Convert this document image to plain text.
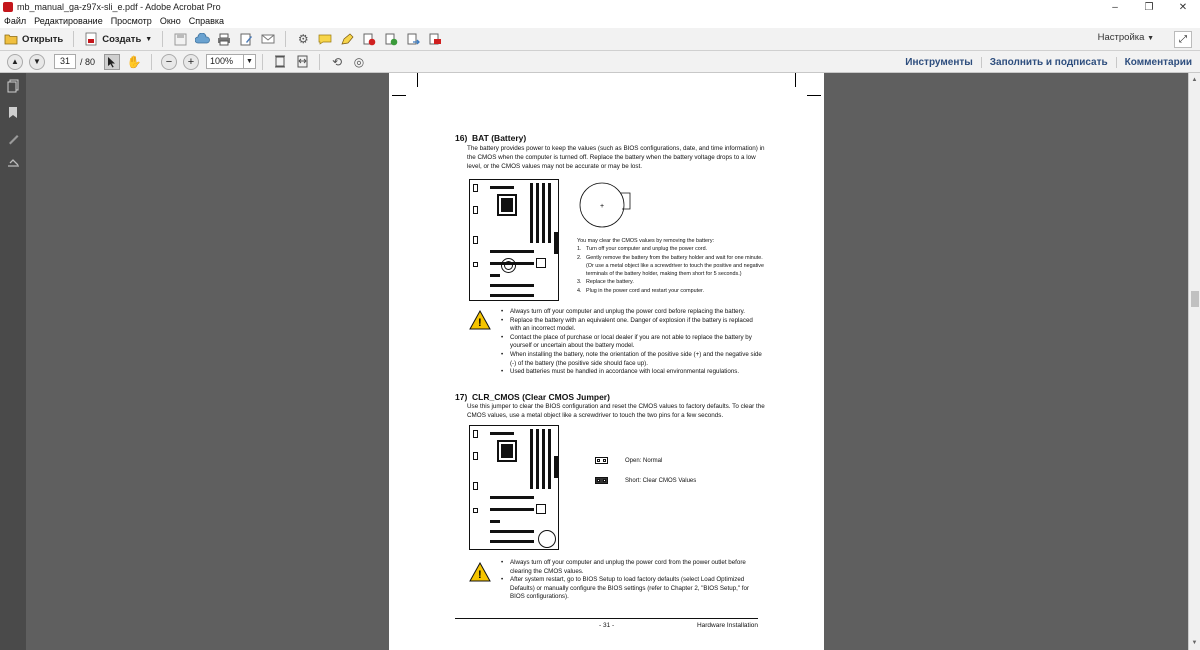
mb_manual_ga-z97x-sli_e.pdf - Adobe Acrobat Pro	–	❐	✕
Файл Редактирование Просмотр Окно Справка
Открыть	Создать ▼	⚙	Настройка ▼	⤢
▲	▼	31	/ 80	✋	−	+	100%	▼	⟲ ◎	Инструменты	Заполнить и подписать	Комментарии
16) BAT (Battery)
The battery provides power to keep the values (such as BIOS configurations, date, and time information) in the CMOS when the computer is turned off. Replace the battery when the battery voltage drops to a low level, or the CMOS values may not be accurate or may be lost.
+
You may clear the CMOS values by removing the battery:
1. Turn off your computer and unplug the power cord.
2. Gently remove the battery from the battery holder and wait for one minute. (Or use a metal object like a screwdriver to touch the positive and negative terminals of the battery holder, making them short for 5 seconds.)
3. Replace the battery.
4. Plug in the power cord and restart your computer.
!
•	Always turn off your computer and unplug the power cord before replacing the battery.
•	Replace the battery with an equivalent one. Danger of explosion if the battery is replaced with an incorrect model.
•	Contact the place of purchase or local dealer if you are not able to replace the battery by yourself or uncertain about the battery model.
•	When installing the battery, note the orientation of the positive side (+) and the negative side (-) of the battery (the positive side should face up).
•	Used batteries must be handled in accordance with local environmental regulations.
17) CLR_CMOS (Clear CMOS Jumper)
Use this jumper to clear the BIOS configuration and reset the CMOS values to factory defaults. To clear the CMOS values, use a metal object like a screwdriver to touch the two pins for a few seconds.
Open: Normal
Short: Clear CMOS Values
!
•	Always turn off your computer and unplug the power cord from the power outlet before clearing the CMOS values.
•	After system restart, go to BIOS Setup to load factory defaults (select Load Optimized Defaults) or manually configure the BIOS settings (refer to Chapter 2, "BIOS Setup," for BIOS configurations).
- 31 -	Hardware Installation
▲
▼
